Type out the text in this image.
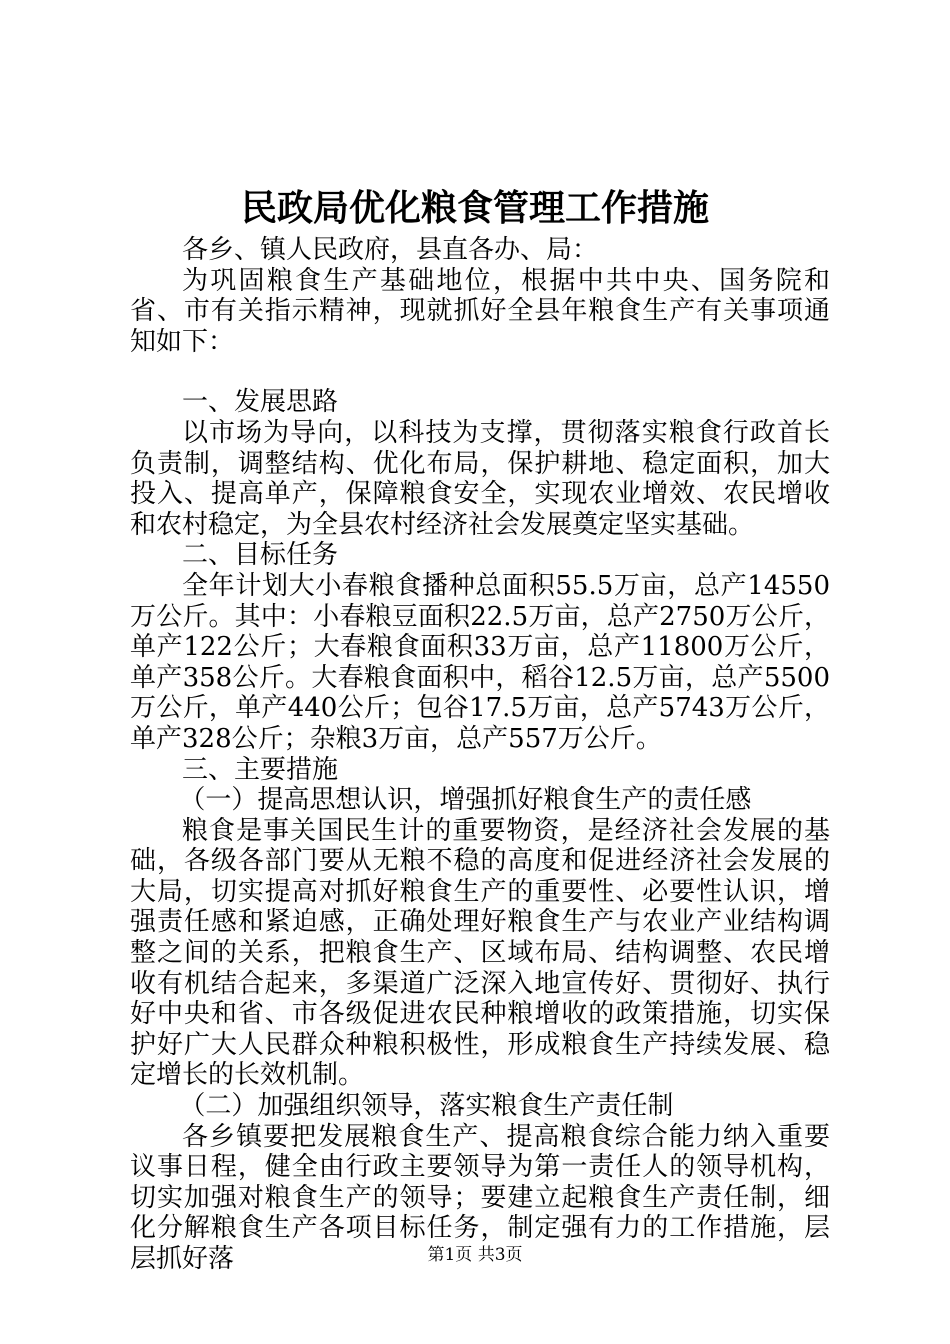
民政局优化粮食管理工作措施

各乡、镇人民政府，县直各办、局：

为巩固粮食生产基础地位，根据中共中央、国务院和省、市有关指示精神，现就抓好全县年粮食生产有关事项通知如下：

一、发展思路

以市场为导向，以科技为支撑，贯彻落实粮食行政首长负责制，调整结构、优化布局，保护耕地、稳定面积，加大投入、提高单产，保障粮食安全，实现农业增效、农民增收和农村稳定，为全县农村经济社会发展奠定坚实基础。

二、目标任务

全年计划大小春粮食播种总面积55.5万亩，总产14550万公斤。其中：小春粮豆面积22.5万亩，总产2750万公斤，单产122公斤；大春粮食面积33万亩，总产11800万公斤，单产358公斤。大春粮食面积中，稻谷12.5万亩，总产5500万公斤，单产440公斤；包谷17.5万亩，总产5743万公斤，单产328公斤；杂粮3万亩，总产557万公斤。

三、主要措施

（一）提高思想认识，增强抓好粮食生产的责任感

粮食是事关国民生计的重要物资，是经济社会发展的基础，各级各部门要从无粮不稳的高度和促进经济社会发展的大局，切实提高对抓好粮食生产的重要性、必要性认识，增强责任感和紧迫感，正确处理好粮食生产与农业产业结构调整之间的关系，把粮食生产、区域布局、结构调整、农民增收有机结合起来，多渠道广泛深入地宣传好、贯彻好、执行好中央和省、市各级促进农民种粮增收的政策措施，切实保护好广大人民群众种粮积极性，形成粮食生产持续发展、稳定增长的长效机制。

（二）加强组织领导，落实粮食生产责任制

各乡镇要把发展粮食生产、提高粮食综合能力纳入重要议事日程，健全由行政主要领导为第一责任人的领导机构，切实加强对粮食生产的领导；要建立起粮食生产责任制，细化分解粮食生产各项目标任务，制定强有力的工作措施，层层抓好落	第1页 共3页
